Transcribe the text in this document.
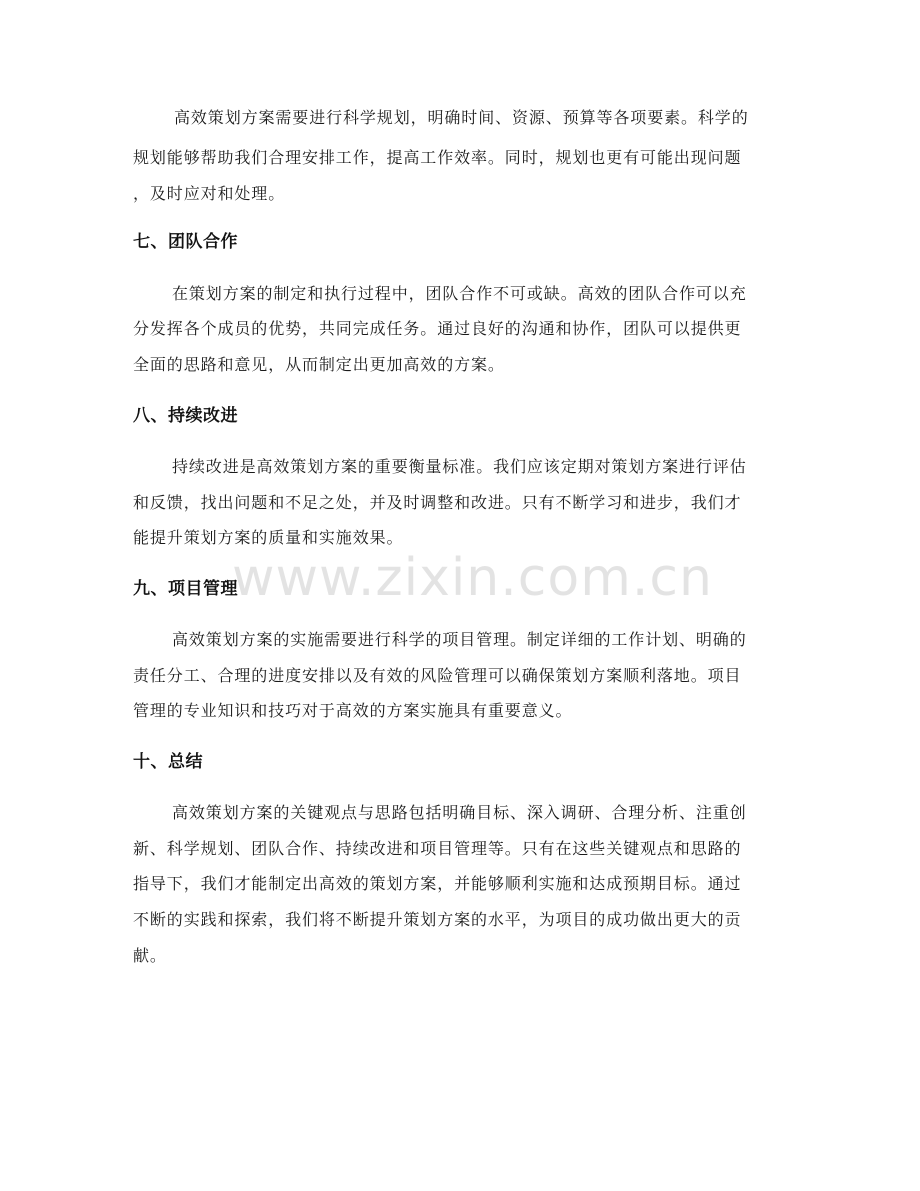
www.zixin.com.cn

高效策划方案需要进行科学规划，明确时间、资源、预算等各项要素。科学的

规划能够帮助我们合理安排工作，提高工作效率。同时，规划也更有可能出现问题

，及时应对和处理。

七、团队合作

在策划方案的制定和执行过程中，团队合作不可或缺。高效的团队合作可以充

分发挥各个成员的优势，共同完成任务。通过良好的沟通和协作，团队可以提供更

全面的思路和意见，从而制定出更加高效的方案。

八、持续改进

持续改进是高效策划方案的重要衡量标准。我们应该定期对策划方案进行评估

和反馈，找出问题和不足之处，并及时调整和改进。只有不断学习和进步，我们才

能提升策划方案的质量和实施效果。

九、项目管理

高效策划方案的实施需要进行科学的项目管理。制定详细的工作计划、明确的

责任分工、合理的进度安排以及有效的风险管理可以确保策划方案顺利落地。项目

管理的专业知识和技巧对于高效的方案实施具有重要意义。

十、总结

高效策划方案的关键观点与思路包括明确目标、深入调研、合理分析、注重创

新、科学规划、团队合作、持续改进和项目管理等。只有在这些关键观点和思路的

指导下，我们才能制定出高效的策划方案，并能够顺利实施和达成预期目标。通过

不断的实践和探索，我们将不断提升策划方案的水平，为项目的成功做出更大的贡

献。
